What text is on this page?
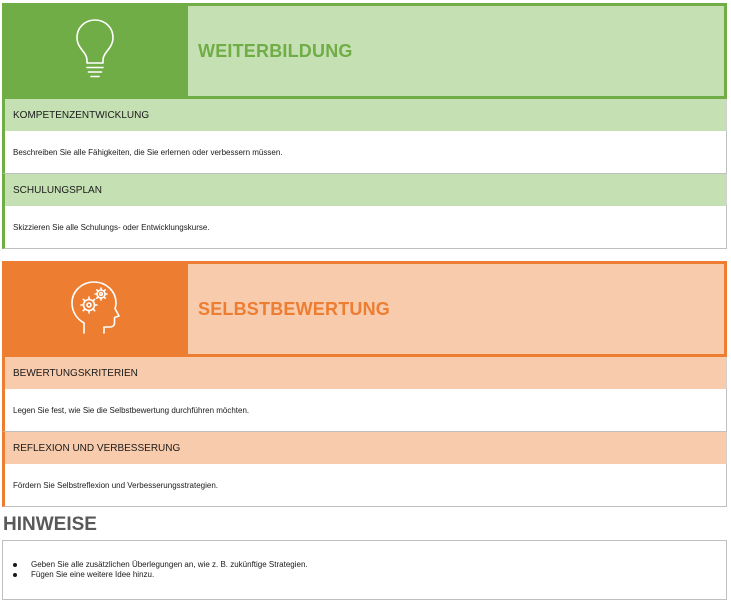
WEITERBILDUNG
KOMPETENZENTWICKLUNG
Beschreiben Sie alle Fähigkeiten, die Sie erlernen oder verbessern müssen.
SCHULUNGSPLAN
Skizzieren Sie alle Schulungs- oder Entwicklungskurse.
SELBSTBEWERTUNG
BEWERTUNGSKRITERIEN
Legen Sie fest, wie Sie die Selbstbewertung durchführen möchten.
REFLEXION UND VERBESSERUNG
Fördern Sie Selbstreflexion und Verbesserungsstrategien.
HINWEISE
Geben Sie alle zusätzlichen Überlegungen an, wie z. B. zukünftige Strategien.
Fügen Sie eine weitere Idee hinzu.
